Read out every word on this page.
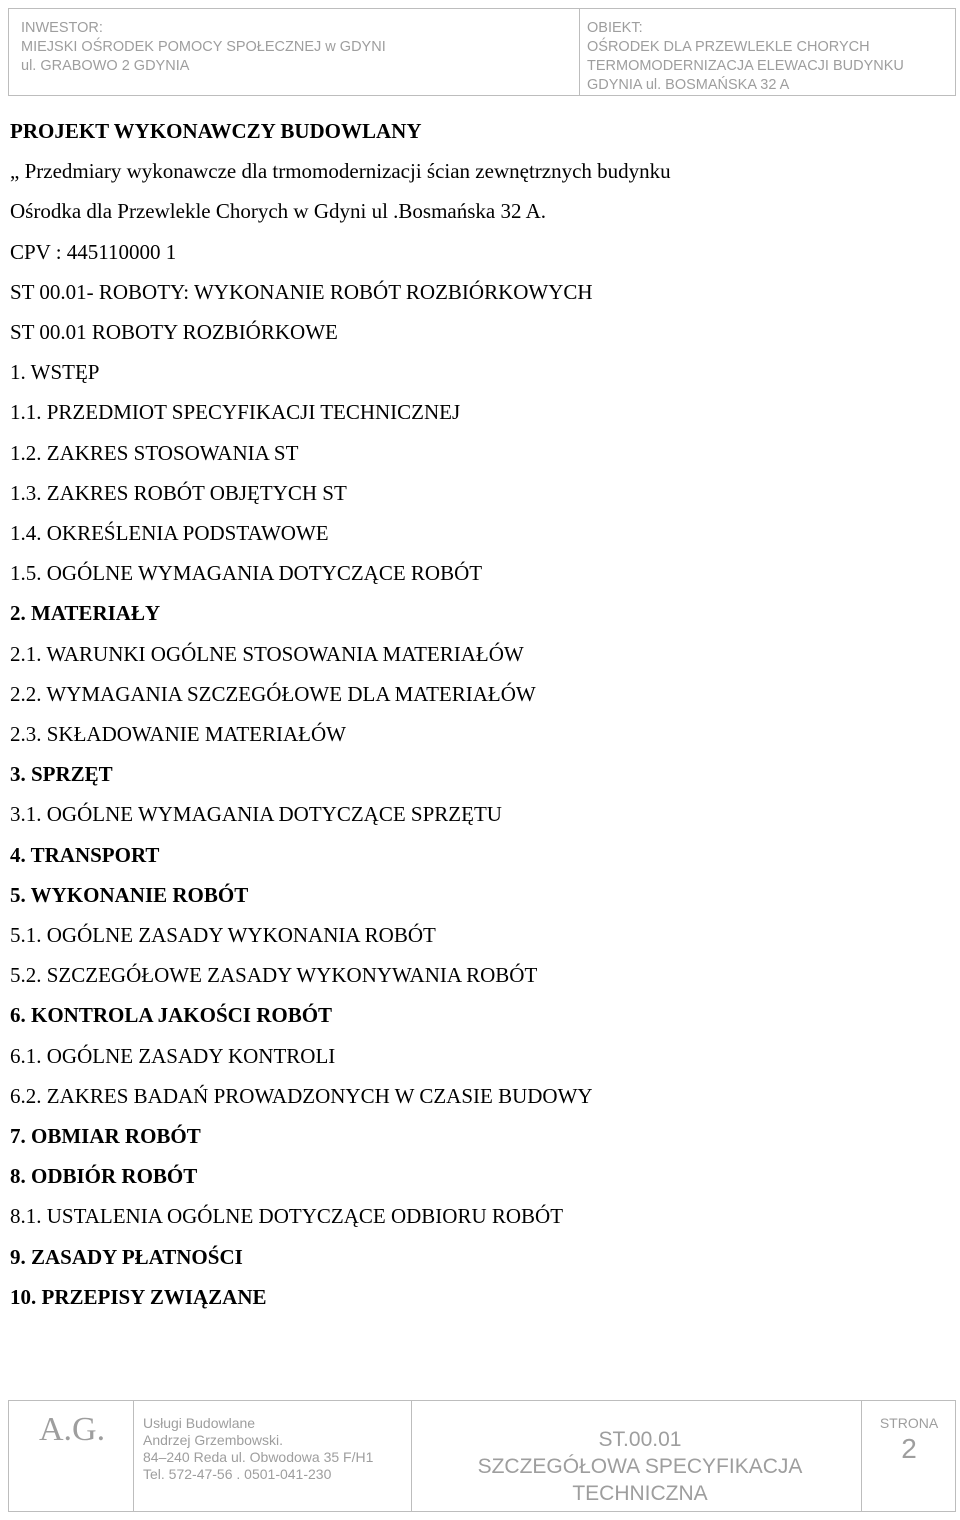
INWESTOR:
MIEJSKI OŚRODEK POMOCY SPOŁECZNEJ w GDYNI
ul. GRABOWO 2 GDYNIA
OBIEKT:
OŚRODEK DLA PRZEWLEKLE CHORYCH
TERMOMODERNIZACJA ELEWACJI BUDYNKU
GDYNIA ul. BOSMAŃSKA 32 A
PROJEKT WYKONAWCZY BUDOWLANY
„ Przedmiary wykonawcze dla trmomodernizacji ścian zewnętrznych budynku
Ośrodka dla Przewlekle Chorych w Gdyni ul .Bosmańska 32 A.
CPV : 445110000 1
ST 00.01- ROBOTY: WYKONANIE ROBÓT ROZBIÓRKOWYCH
ST 00.01 ROBOTY ROZBIÓRKOWE
1. WSTĘP
1.1. PRZEDMIOT SPECYFIKACJI TECHNICZNEJ
1.2. ZAKRES STOSOWANIA ST
1.3. ZAKRES ROBÓT OBJĘTYCH ST
1.4. OKREŚLENIA PODSTAWOWE
1.5. OGÓLNE WYMAGANIA DOTYCZĄCE ROBÓT
2. MATERIAŁY
2.1. WARUNKI OGÓLNE STOSOWANIA MATERIAŁÓW
2.2. WYMAGANIA SZCZEGÓŁOWE DLA MATERIAŁÓW
2.3. SKŁADOWANIE MATERIAŁÓW
3. SPRZĘT
3.1. OGÓLNE WYMAGANIA DOTYCZĄCE SPRZĘTU
4. TRANSPORT
5. WYKONANIE ROBÓT
5.1. OGÓLNE ZASADY WYKONANIA ROBÓT
5.2. SZCZEGÓŁOWE ZASADY WYKONYWANIA ROBÓT
6. KONTROLA JAKOŚCI ROBÓT
6.1. OGÓLNE ZASADY KONTROLI
6.2. ZAKRES BADAŃ PROWADZONYCH W CZASIE BUDOWY
7. OBMIAR ROBÓT
8. ODBIÓR ROBÓT
8.1. USTALENIA OGÓLNE DOTYCZĄCE ODBIORU ROBÓT
9. ZASADY PŁATNOŚCI
10. PRZEPISY ZWIĄZANE
A.G.	Usługi Budowlane
Andrzej Grzembowski.
84–240 Reda ul. Obwodowa 35 F/H1
Tel. 572-47-56 . 0501-041-230
ST.00.01
SZCZEGÓŁOWA SPECYFIKACJA
TECHNICZNA
STRONA
2
